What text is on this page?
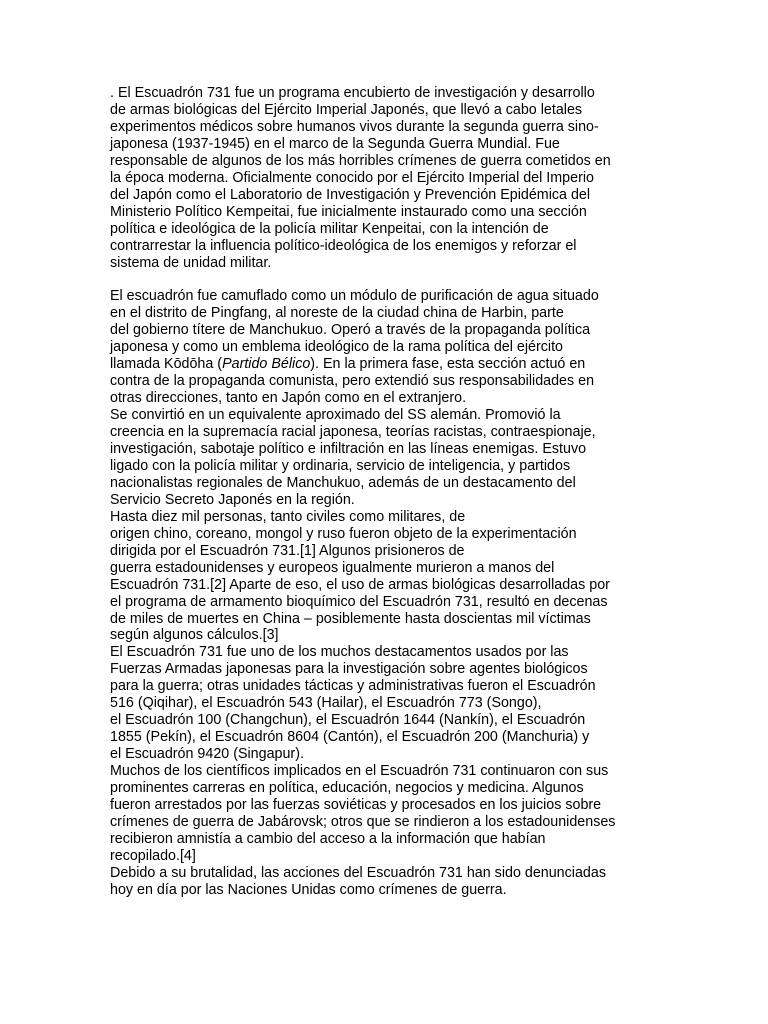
. El Escuadrón 731 fue un programa encubierto de investigación y desarrollo
de armas biológicas del Ejército Imperial Japonés, que llevó a cabo letales
experimentos médicos sobre humanos vivos durante la segunda guerra sino-
japonesa (1937-1945) en el marco de la Segunda Guerra Mundial. Fue
responsable de algunos de los más horribles crímenes de guerra cometidos en
la época moderna. Oficialmente conocido por el Ejército Imperial del Imperio
del Japón como el Laboratorio de Investigación y Prevención Epidémica del
Ministerio Político Kempeitai, fue inicialmente instaurado como una sección
política e ideológica de la policía militar Kenpeitai, con la intención de
contrarrestar la influencia político-ideológica de los enemigos y reforzar el
sistema de unidad militar.
El escuadrón fue camuflado como un módulo de purificación de agua situado
en el distrito de Pingfang, al noreste de la ciudad china de Harbin, parte
del gobierno títere de Manchukuo. Operó a través de la propaganda política
japonesa y como un emblema ideológico de la rama política del ejército
llamada Kōdōha (Partido Bélico). En la primera fase, esta sección actuó en
contra de la propaganda comunista, pero extendió sus responsabilidades en
otras direcciones, tanto en Japón como en el extranjero.
Se convirtió en un equivalente aproximado del SS alemán. Promovió la
creencia en la supremacía racial japonesa, teorías racistas, contraespionaje,
investigación, sabotaje político e infiltración en las líneas enemigas. Estuvo
ligado con la policía militar y ordinaria, servicio de inteligencia, y partidos
nacionalistas regionales de Manchukuo, además de un destacamento del
Servicio Secreto Japonés en la región.
Hasta diez mil personas, tanto civiles como militares, de
origen chino, coreano, mongol y ruso fueron objeto de la experimentación
dirigida por el Escuadrón 731.[1] Algunos prisioneros de
guerra estadounidenses y europeos igualmente murieron a manos del
Escuadrón 731.[2] Aparte de eso, el uso de armas biológicas desarrolladas por
el programa de armamento bioquímico del Escuadrón 731, resultó en decenas
de miles de muertes en China – posiblemente hasta doscientas mil víctimas
según algunos cálculos.[3]
El Escuadrón 731 fue uno de los muchos destacamentos usados por las
Fuerzas Armadas japonesas para la investigación sobre agentes biológicos
para la guerra; otras unidades tácticas y administrativas fueron el Escuadrón
516 (Qiqihar), el Escuadrón 543 (Hailar), el Escuadrón 773 (Songo),
el Escuadrón 100 (Changchun), el Escuadrón 1644 (Nankín), el Escuadrón
1855 (Pekín), el Escuadrón 8604 (Cantón), el Escuadrón 200 (Manchuria) y
el Escuadrón 9420 (Singapur).
Muchos de los científicos implicados en el Escuadrón 731 continuaron con sus
prominentes carreras en política, educación, negocios y medicina. Algunos
fueron arrestados por las fuerzas soviéticas y procesados en los juicios sobre
crímenes de guerra de Jabárovsk; otros que se rindieron a los estadounidenses
recibieron amnistía a cambio del acceso a la información que habían
recopilado.[4]
Debido a su brutalidad, las acciones del Escuadrón 731 han sido denunciadas
hoy en día por las Naciones Unidas como crímenes de guerra.
